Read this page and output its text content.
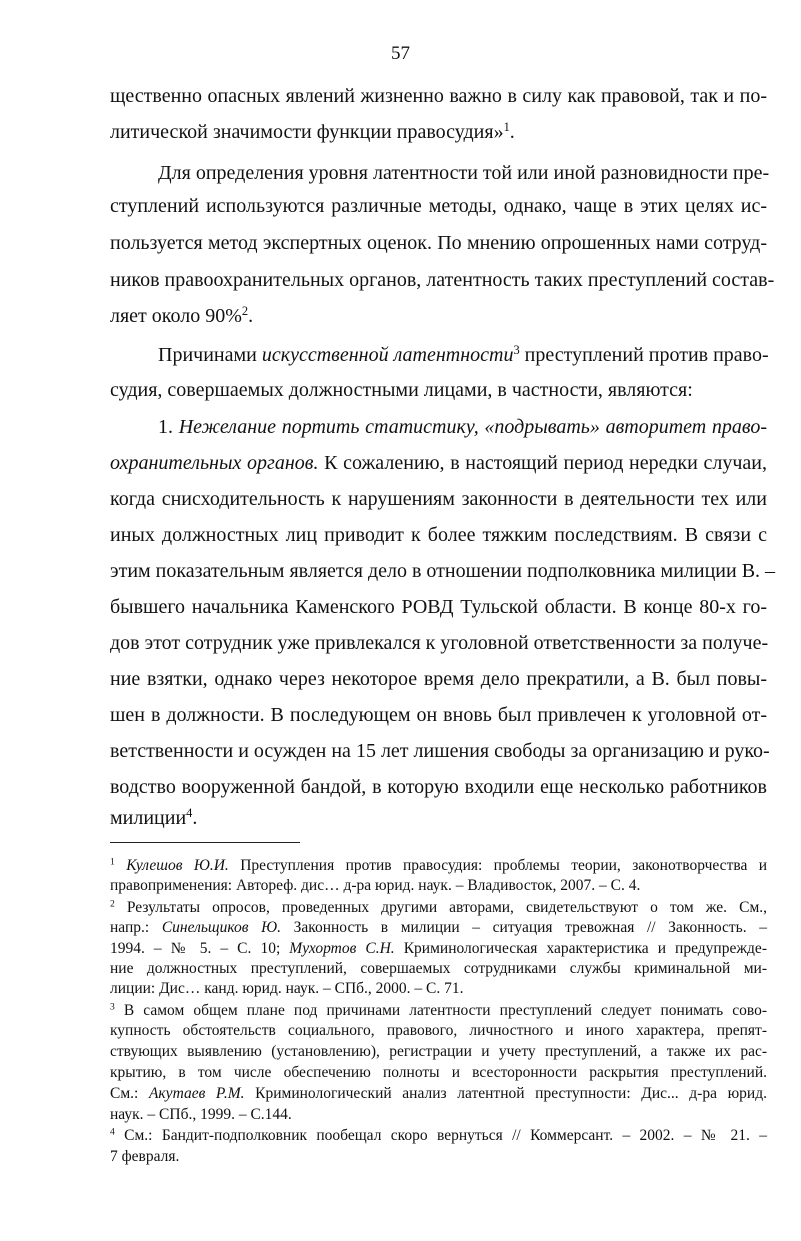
57
щественно опасных явлений жизненно важно в силу как правовой, так и по-
литической значимости функции правосудия»$^1$.
Для определения уровня латентности той или иной разновидности пре-
ступлений используются различные методы, однако, чаще в этих целях ис-
пользуется метод экспертных оценок. По мнению опрошенных нами сотруд-
ников правоохранительных органов, латентность таких преступлений состав-
ляет около 90%$^2$.
Причинами искусственной латентности$^3$ преступлений против право-
судия, совершаемых должностными лицами, в частности, являются:
1. Нежелание портить статистику, «подрывать» авторитет право-
охранительных органов. К сожалению, в настоящий период нередки случаи,
когда снисходительность к нарушениям законности в деятельности тех или
иных должностных лиц приводит к более тяжким последствиям. В связи с
этим показательным является дело в отношении подполковника милиции В. –
бывшего начальника Каменского РОВД Тульской области. В конце 80-х го-
дов этот сотрудник уже привлекался к уголовной ответственности за получе-
ние взятки, однако через некоторое время дело прекратили, а В. был повы-
шен в должности. В последующем он вновь был привлечен к уголовной от-
ветственности и осужден на 15 лет лишения свободы за организацию и руко-
водство вооруженной бандой, в которую входили еще несколько работников
милиции$^4$.
$^1$ Кулешов Ю.И. Преступления против правосудия: проблемы теории, законотворчества и
правоприменения: Автореф. дис… д-ра юрид. наук. – Владивосток, 2007. – С. 4.
$^2$ Результаты опросов, проведенных другими авторами, свидетельствуют о том же. См.,
напр.: Синельщиков Ю. Законность в милиции – ситуация тревожная // Законность. –
1994. – № 5. – С. 10; Мухортов С.Н. Криминологическая характеристика и предупрежде-
ние должностных преступлений, совершаемых сотрудниками службы криминальной ми-
лиции: Дис… канд. юрид. наук. – СПб., 2000. – С. 71.
$^3$ В самом общем плане под причинами латентности преступлений следует понимать сово-
купность обстоятельств социального, правового, личностного и иного характера, препят-
ствующих выявлению (установлению), регистрации и учету преступлений, а также их рас-
крытию, в том числе обеспечению полноты и всесторонности раскрытия преступлений.
См.: Акутаев Р.М. Криминологический анализ латентной преступности: Дис... д-ра юрид.
наук. – СПб., 1999. – С.144.
$^4$ См.: Бандит-подполковник пообещал скоро вернуться // Коммерсант. – 2002. – № 21. –
7 февраля.
